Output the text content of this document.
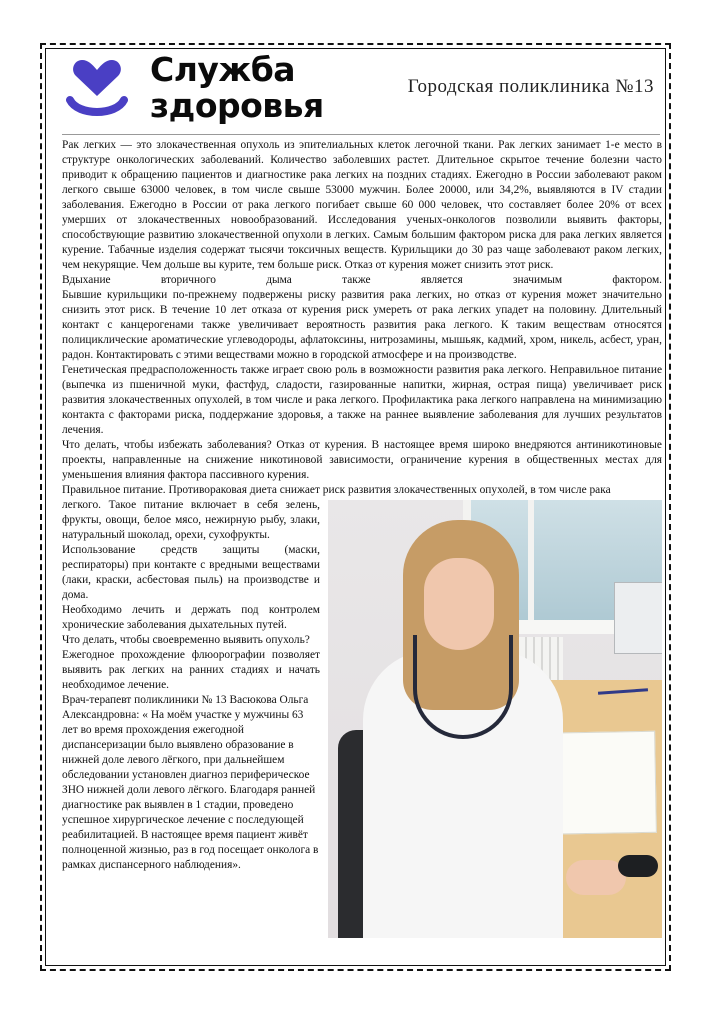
Служба
здоровья	Городская поликлиника №13

Рак легких — это злокачественная опухоль из эпителиальных клеток легочной ткани. Рак легких занимает 1-е место в структуре онкологических заболеваний. Количество заболевших растет. Длительное скрытое течение болезни часто приводит к обращению пациентов и диагностике рака легких на поздних стадиях. Ежегодно в России заболевают раком легкого свыше 63000 человек, в том числе свыше 53000 мужчин. Более 20000, или 34,2%, выявляются в IV стадии заболевания. Ежегодно в России от рака легкого погибает свыше 60 000 человек, что составляет более 20% от всех умерших от злокачественных новообразований. Исследования ученых-онкологов позволили выявить факторы, способствующие развитию злокачественной опухоли в легких. Самым большим фактором риска для рака легких является курение. Табачные изделия содержат тысячи токсичных веществ. Курильщики до 30 раз чаще заболевают раком легких, чем некурящие. Чем дольше вы курите, тем больше риск. Отказ от курения может снизить этот риск.

Вдыхание вторичного дыма также является значимым фактором.

Бывшие курильщики по-прежнему подвержены риску развития рака легких, но отказ от курения может значительно снизить этот риск. В течение 10 лет отказа от курения риск умереть от рака легких упадет на половину. Длительный контакт с канцерогенами также увеличивает вероятность развития рака легкого. К таким веществам относятся полициклические ароматические углеводороды, афлатоксины, нитрозамины, мышьяк, кадмий, хром, никель, асбест, уран, радон. Контактировать с этими веществами можно в городской атмосфере и на производстве.

Генетическая предрасположенность также играет свою роль в возможности развития рака легкого. Неправильное питание (выпечка из пшеничной муки, фастфуд, сладости, газированные напитки, жирная, острая пища) увеличивает риск развития злокачественных опухолей, в том числе и рака легкого. Профилактика рака легкого направлена на минимизацию контакта с факторами риска, поддержание здоровья, а также на раннее выявление заболевания для лучших результатов лечения.

Что делать, чтобы избежать заболевания? Отказ от курения. В настоящее время широко внедряются антиникотиновые проекты, направленные на снижение никотиновой зависимости, ограничение курения в общественных местах для уменьшения влияния фактора пассивного курения.

Правильное питание. Противораковая диета снижает риск развития злокачественных опухолей, в том числе рака

легкого. Такое питание включает в себя зелень, фрукты, овощи, белое мясо, нежирную рыбу, злаки, натуральный шоколад, орехи, сухофрукты.

Использование средств защиты (маски, респираторы) при контакте с вредными веществами (лаки, краски, асбестовая пыль) на производстве и дома.

Необходимо лечить и держать под контролем хронические заболевания дыхательных путей.

Что делать, чтобы своевременно выявить опухоль?

Ежегодное прохождение флюорографии позволяет выявить рак легких на ранних стадиях и начать необходимое лечение.

Врач-терапевт поликлиники № 13 Васюкова Ольга Александровна: « На моём участке у мужчины 63 лет во время прохождения ежегодной диспансеризации было выявлено образование в нижней доле левого лёгкого, при дальнейшем обследовании установлен диагноз периферическое ЗНО нижней доли левого лёгкого. Благодаря ранней диагностике рак выявлен в 1 стадии, проведено успешное хирургическое лечение с последующей реабилитацией. В настоящее время пациент живёт полноценной жизнью, раз в год посещает онколога в рамках диспансерного наблюдения».
